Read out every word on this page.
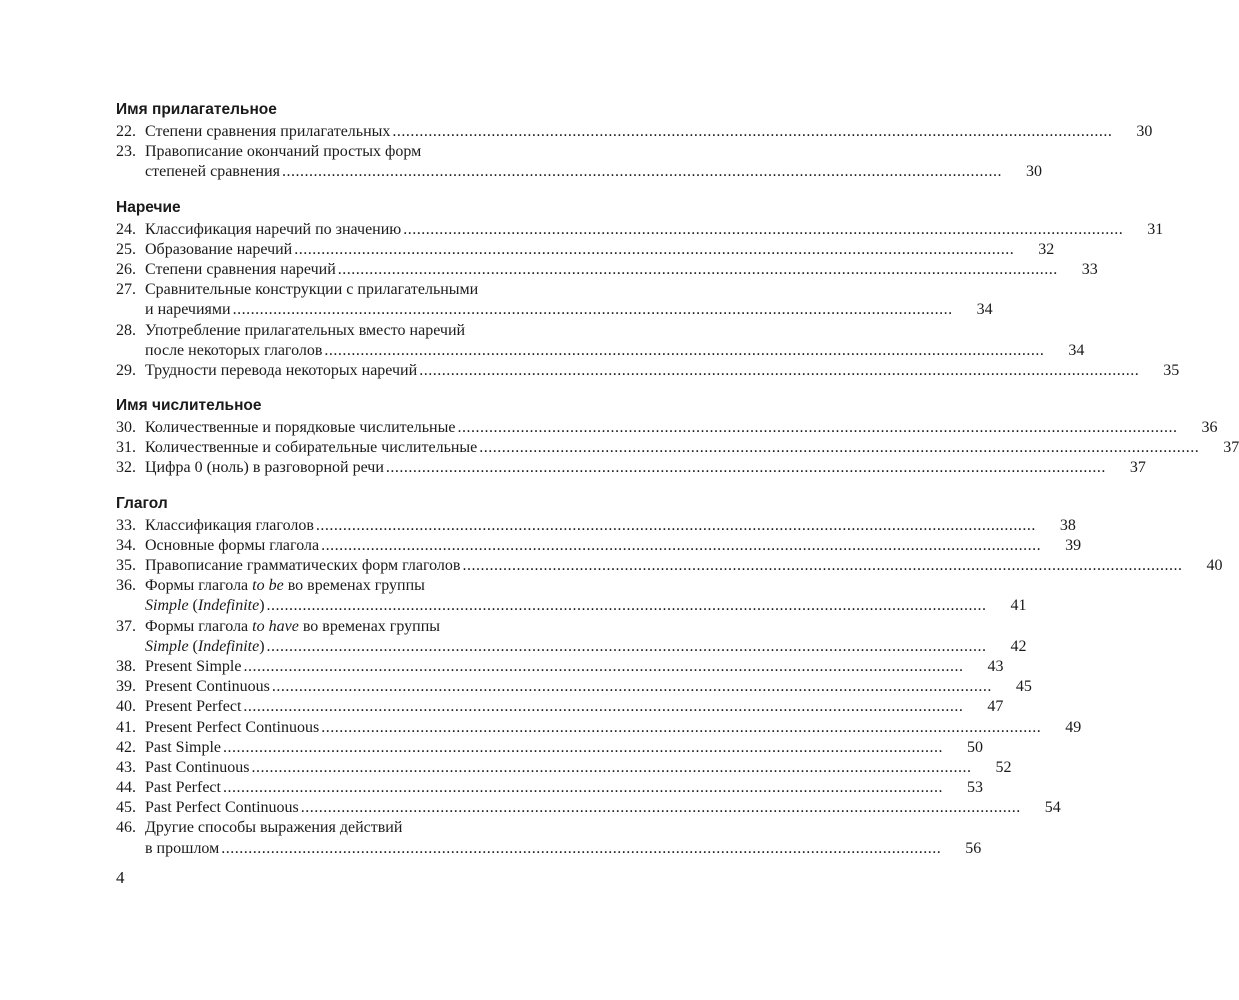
Имя прилагательное
22. Степени сравнения прилагательных ................................................................................................................................................................	30
23. Правописание окончаний простых форм
степеней сравнения ................................................................................................................................................................	30
Наречие
24. Классификация наречий по значению ................................................................................................................................................................	31
25. Образование наречий ................................................................................................................................................................	32
26. Степени сравнения наречий ................................................................................................................................................................	33
27. Сравнительные конструкции с прилагательными
и наречиями ................................................................................................................................................................	34
28. Употребление прилагательных вместо наречий
после некоторых глаголов ................................................................................................................................................................	34
29. Трудности перевода некоторых наречий ................................................................................................................................................................	35
Имя числительное
30. Количественные и порядковые числительные ................................................................................................................................................................	36
31. Количественные и собирательные числительные ................................................................................................................................................................	37
32. Цифра 0 (ноль) в разговорной речи ................................................................................................................................................................	37
Глагол
33. Классификация глаголов ................................................................................................................................................................	38
34. Основные формы глагола ................................................................................................................................................................	39
35. Правописание грамматических форм глаголов ................................................................................................................................................................	40
36. Формы глагола to be во временах группы
Simple (Indefinite) ................................................................................................................................................................	41
37. Формы глагола to have во временах группы
Simple (Indefinite) ................................................................................................................................................................	42
38. Present Simple ................................................................................................................................................................	43
39. Present Continuous ................................................................................................................................................................	45
40. Present Perfect ................................................................................................................................................................	47
41. Present Perfect Continuous ................................................................................................................................................................	49
42. Past Simple ................................................................................................................................................................	50
43. Past Continuous ................................................................................................................................................................	52
44. Past Perfect ................................................................................................................................................................	53
45. Past Perfect Continuous ................................................................................................................................................................	54
46. Другие способы выражения действий
в прошлом ................................................................................................................................................................	56
4
